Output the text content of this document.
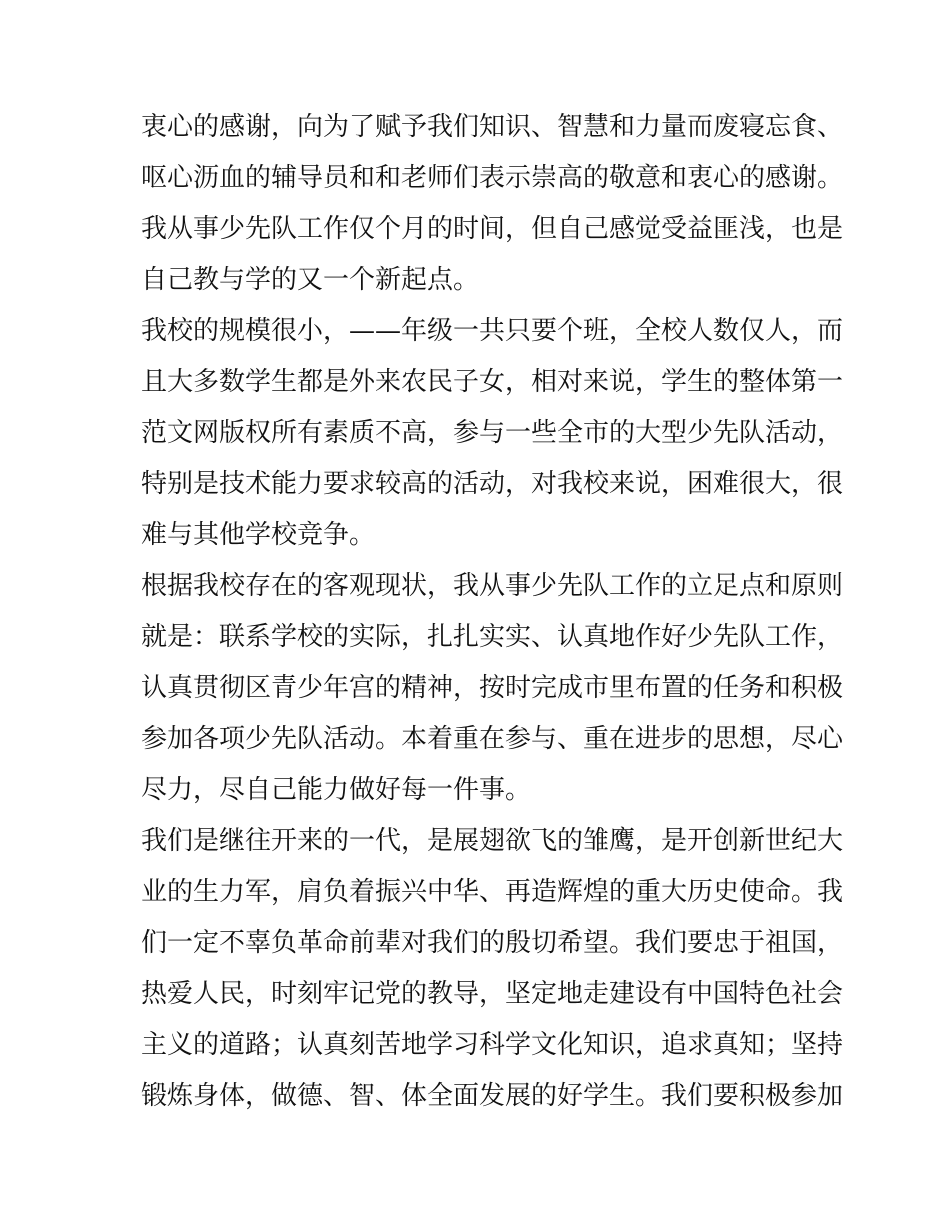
衷心的感谢，向为了赋予我们知识、智慧和力量而废寝忘食、
呕心沥血的辅导员和和老师们表示崇高的敬意和衷心的感谢。
我从事少先队工作仅个月的时间，但自己感觉受益匪浅，也是
自己教与学的又一个新起点。
我校的规模很小，——年级一共只要个班，全校人数仅人，而
且大多数学生都是外来农民子女，相对来说，学生的整体第一
范文网版权所有素质不高，参与一些全市的大型少先队活动，
特别是技术能力要求较高的活动，对我校来说，困难很大，很
难与其他学校竞争。
根据我校存在的客观现状，我从事少先队工作的立足点和原则
就是：联系学校的实际，扎扎实实、认真地作好少先队工作，
认真贯彻区青少年宫的精神，按时完成市里布置的任务和积极
参加各项少先队活动。本着重在参与、重在进步的思想，尽心
尽力，尽自己能力做好每一件事。
我们是继往开来的一代，是展翅欲飞的雏鹰，是开创新世纪大
业的生力军，肩负着振兴中华、再造辉煌的重大历史使命。我
们一定不辜负革命前辈对我们的殷切希望。我们要忠于祖国，
热爱人民，时刻牢记党的教导，坚定地走建设有中国特色社会
主义的道路；认真刻苦地学习科学文化知识，追求真知；坚持
锻炼身体，做德、智、体全面发展的好学生。我们要积极参加
